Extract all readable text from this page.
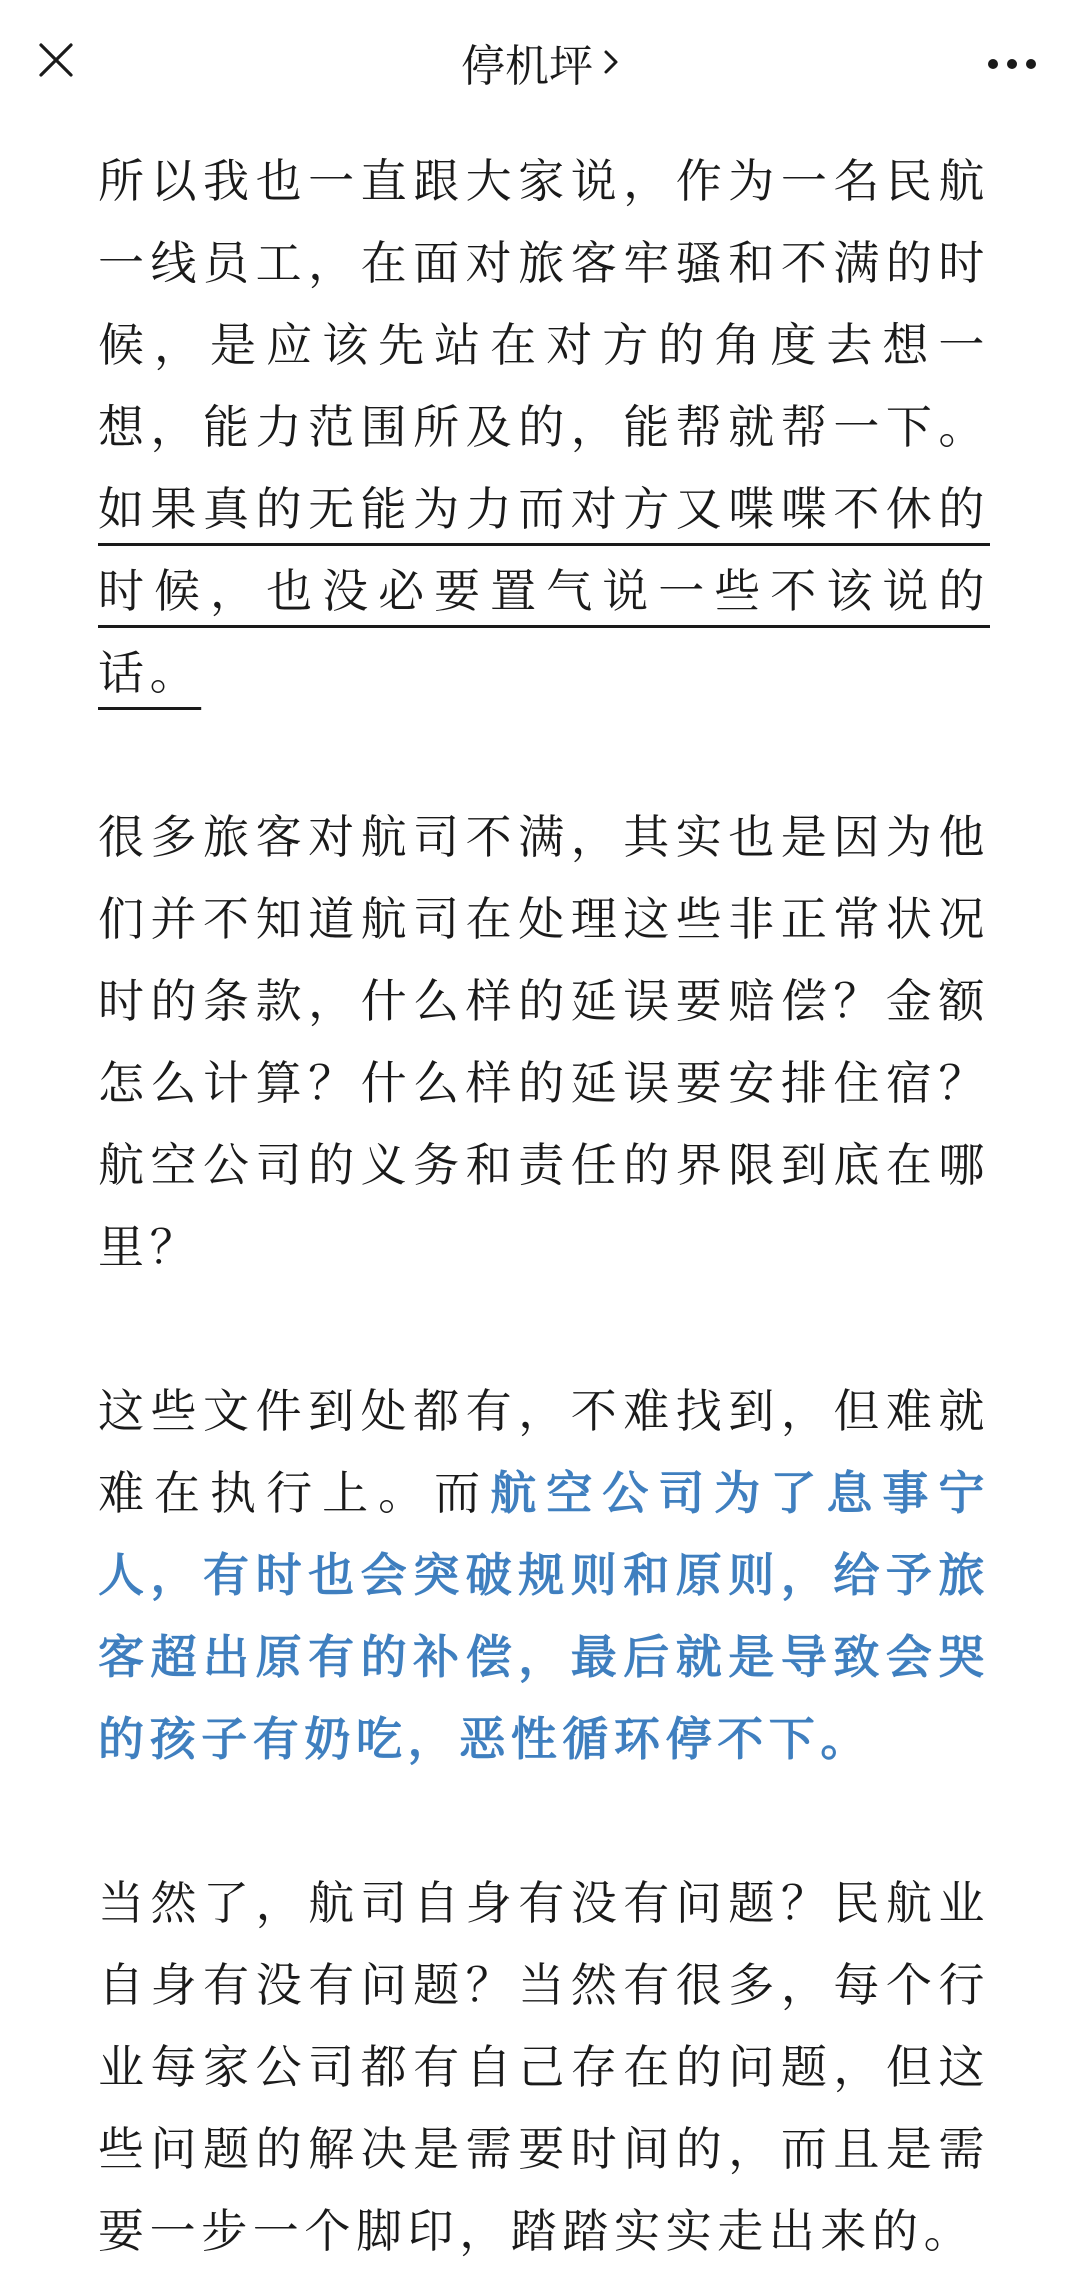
停机坪

所以我也一直跟大家说，作为一名民航一线员工，在面对旅客牢骚和不满的时候，是应该先站在对方的角度去想一想，能力范围所及的，能帮就帮一下。如果真的无能为力而对方又喋喋不休的时候，也没必要置气说一些不该说的话。

很多旅客对航司不满，其实也是因为他们并不知道航司在处理这些非正常状况时的条款，什么样的延误要赔偿？金额怎么计算？什么样的延误要安排住宿？航空公司的义务和责任的界限到底在哪里？

这些文件到处都有，不难找到，但难就难在执行上。而航空公司为了息事宁人，有时也会突破规则和原则，给予旅客超出原有的补偿，最后就是导致会哭的孩子有奶吃，恶性循环停不下。

当然了，航司自身有没有问题？民航业自身有没有问题？当然有很多，每个行业每家公司都有自己存在的问题，但这些问题的解决是需要时间的，而且是需要一步一个脚印，踏踏实实走出来的。
